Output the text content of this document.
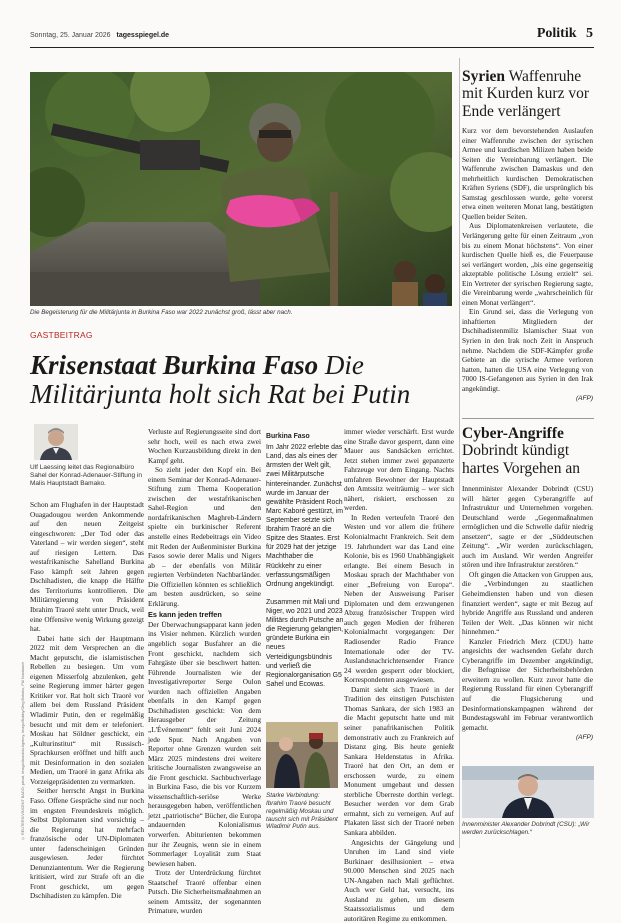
Sonntag, 25. Januar 2026 tagesspiegel.de	Politik 5
Die Begeisterung für die Militärjunta in Burkina Faso war 2022 zunächst groß, lässt aber nach.
© REUTERS/VINCENT BADO, privat, Imago/Anadolu Agency, Imago/Bobby/Oleg Bobsko, Pål Nussbach
GASTBEITRAG
Krisenstaat Burkina Faso Die Militärjunta holt sich Rat bei Putin
Ulf Laessing leitet das Regionalbüro Sahel der Konrad-Adenauer-Stiftung in Malis Hauptstadt Bamako.

Schon am Flughafen in der Hauptstadt Ouagadougou werden Ankommende auf den neuen Zeitgeist eingeschworen: „Der Tod oder das Vaterland – wir werden siegen“, steht auf riesigen Lettern. Das westafrikanische Sahelland Burkina Faso kämpft seit Jahren gegen Dschihadisten, die knapp die Hälfte des Territoriums kontrollieren. Die Militärregierung von Präsident Ibrahim Traoré steht unter Druck, weil eine Offensive wenig Wirkung gezeigt hat.

Dabei hatte sich der Hauptmann 2022 mit dem Versprechen an die Macht geputscht, die islamistischen Rebellen zu besiegen. Um vom eigenen Misserfolg abzulenken, geht seine Regierung immer härter gegen Kritiker vor. Rat holt sich Traoré vor allem bei dem Russland Präsident Wladimir Putin, den er regelmäßig besucht und mit dem er telefoniert. Moskau hat Söldner geschickt, ein „Kulturinstitut“ mit Russisch-Sprachkursen eröffnet und hilft auch mit Desinformation in den sozialen Medien, um Traoré in ganz Afrika als Vorzeigepräsidenten zu vermarkten.

Seither herrscht Angst in Burkina Faso. Offene Gespräche sind nur noch im engsten Freundeskreis möglich. Selbst Diplomaten sind vorsichtig – die Regierung hat mehrfach französische oder UN-Diplomaten unter fadenscheinigen Gründen ausgewiesen. Jeder fürchtet Denunziantentum. Wer die Regierung kritisiert, wird zur Strafe oft an die Front geschickt, um gegen Dschihadisten zu kämpfen. Die

Verluste auf Regierungsseite sind dort sehr hoch, weil es nach etwa zwei Wochen Kurzausbildung direkt in den Kampf geht.

So zieht jeder den Kopf ein. Bei einem Seminar der Konrad-Adenauer-Stiftung zum Thema Kooperation zwischen der westafrikanischen Sahel-Region und den nordafrikanischen Maghreb-Ländern spielte ein burkinischer Referent anstelle eines Redebeitrags ein Video mit Reden der Außenminister Burkina Fasos sowie derer Malis und Nigers ab – der ebenfalls von Militär regierten Verbündeten Nachbarländer. Die Offiziellen könnten es schließlich am besten ausdrücken, so seine Erklärung.

Es kann jeden treffen

Der Überwachungsapparat kann jeden ins Visier nehmen. Kürzlich wurden angeblich sogar Busfahrer an die Front geschickt, nachdem sich Fahrgäste über sie beschwert hatten. Führende Journalisten wie der Investigativreporter Serge Oulon wurden nach offiziellen Angaben ebenfalls in den Kampf gegen Dschihadisten geschickt: Von dem Herausgeber der Zeitung „L'Événement“ fehlt seit Juni 2024 jede Spur. Nach Angaben von Reporter ohne Grenzen wurden seit März 2025 mindestens drei weitere kritische Journalisten zwangsweise an die Front geschickt. Sachbuchverlage in Burkina Faso, die bis vor Kurzem wissenschaftlich-seriöse Werke herausgegeben haben, veröffentlichen jetzt „patriotische“ Bücher, die Europa andauernden Kolonialismus vorwerfen. Abiturienten bekommen nur ihr Zeugnis, wenn sie in einem Sommerlager Loyalität zum Staat bewiesen haben.

Trotz der Unterdrückung fürchtet Staatschef Traoré offenbar einen Putsch. Die Sicherheitsmaßnahmen an seinem Amtssitz, der sogenannten Primature, wurden

Burkina Faso

Im Jahr 2022 erlebte das Land, das als eines der ärmsten der Welt gilt, zwei Militärputsche hintereinander. Zunächst wurde im Januar der gewählte Präsident Roch Marc Kaboré gestürzt, im September setzte sich Ibrahim Traoré an die Spitze des Staates. Erst für 2029 hat der jetzige Machthaber die Rückkehr zu einer verfassungsmäßigen Ordnung angekündigt.

Zusammen mit Mali und Niger, wo 2021 und 2023 Militärs durch Putsche an die Regierung gelangten, gründete Burkina ein neues Verteidigungsbündnis und verließ die Regionalorganisation G5 Sahel und Ecowas.

Starke Verbindung: Ibrahim Traoré besucht regelmäßig Moskau und tauscht sich mit Präsident Wladimir Putin aus.

immer wieder verschärft. Erst wurde eine Straße davor gesperrt, dann eine Mauer aus Sandsäcken errichtet. Jetzt stehen immer zwei gepanzerte Fahrzeuge vor dem Eingang. Nachts umfahren Bewohner der Hauptstadt den Amtssitz weiträumig – wer sich nähert, riskiert, erschossen zu werden.

In Reden verteufeln Traoré den Westen und vor allem die frühere Kolonialmacht Frankreich. Seit dem 19. Jahrhundert war das Land eine Kolonie, bis es 1960 Unabhängigkeit erlangte. Bei einem Besuch in Moskau sprach der Machthaber von einer „Befreiung von Europa“. Neben der Ausweisung Pariser Diplomaten und dem erzwungenen Abzug französischer Truppen wird auch gegen Medien der früheren Kolonialmacht vorgegangen: Der Radiosender Radio France Internationale oder der TV-Auslandsnachrichtensender France 24 werden gesperrt oder blockiert, Korrespondenten ausgewiesen.

Damit sieht sich Traoré in der Tradition des einstigen Putschisten Thomas Sankara, der sich 1983 an die Macht geputscht hatte und mit seiner panafrikanischen Politik demonstrativ auch zu Frankreich auf Distanz ging. Bis heute genießt Sankara Heldenstatus in Afrika. Traoré hat den Ort, an dem er erschossen wurde, zu einem Monument umgebaut und dessen sterbliche Überreste dorthin verlegt. Besucher werden vor dem Grab ermahnt, sich zu verneigen. Auf auf Plakaten lässt sich der Traoré neben Sankara abbilden.

Angesichts der Gängelung und Unruhen im Land sind viele Burkinaer desillusioniert – etwa 90.000 Menschen sind 2025 nach UN-Angaben nach Mali geflüchtet. Auch wer Geld hat, versucht, ins Ausland zu gehen, um diesem Staatssozialismus und dem autoritären Regime zu entkommen.

Syrien Waffenruhe mit Kurden kurz vor Ende verlängert

Kurz vor dem bevorstehenden Auslaufen einer Waffenruhe zwischen der syrischen Armee und kurdischen Milizen haben beide Seiten die Vereinbarung verlängert. Die Waffenruhe zwischen Damaskus und den mehrheitlich kurdischen Demokratischen Kräften Syriens (SDF), die ursprünglich bis Samstag geschlossen wurde, gelte vorerst etwa einen weiteren Monat lang, bestätigten Quellen beider Seiten.

Aus Diplomatenkreisen verlautete, die Verlängerung gelte für einen Zeitraum „von bis zu einem Monat höchstens“. Von einer kurdischen Quelle hieß es, die Feuerpause sei verlängert worden, „bis eine gegenseitig akzeptable politische Lösung erzielt“ sei. Ein Vertreter der syrischen Regierung sagte, die Vereinbarung werde „wahrscheinlich für einen Monat verlängert“.

Ein Grund sei, dass die Verlegung von inhaftierten Mitgliedern der Dschihadistenmiliz Islamischer Staat von Syrien in den Irak noch Zeit in Anspruch nehme. Nachdem die SDF-Kämpfer große Gebiete an die syrische Armee verloren hatten, hatten die USA eine Verlegung von 7000 IS-Gefangenen aus Syrien in den Irak angekündigt.

(AFP)

Cyber-Angriffe Dobrindt kündigt hartes Vorgehen an

Innenminister Alexander Dobrindt (CSU) will härter gegen Cyberangriffe auf Infrastruktur und Unternehmen vorgehen. Deutschland werde „Gegenmaßnahmen ermöglichen und die Schwelle dafür niedrig ansetzen“, sagte er der „Süddeutschen Zeitung“. „Wir werden zurückschlagen, auch im Ausland. Wir werden Angreifer stören und ihre Infrastruktur zerstören.“

Oft gingen die Attacken von Gruppen aus, die „Verbindungen zu staatlichen Geheimdiensten haben und von diesen finanziert werden“, sagte er mit Bezug auf hybride Angriffe aus Russland und anderen Teilen der Welt. „Das können wir nicht hinnehmen.“

Kanzler Friedrich Merz (CDU) hatte angesichts der wachsenden Gefahr durch Cyberangriffe im Dezember angekündigt, die Befugnisse der Sicherheitsbehörden erweitern zu wollen. Kurz zuvor hatte die Regierung Russland für einen Cyberangriff auf die Flugsicherung und Desinformationskampagnen während der Bundestagswahl im Februar verantwortlich gemacht.

(AFP)

Innenminister Alexander Dobrindt (CSU): „Wir werden zurückschlagen.“
